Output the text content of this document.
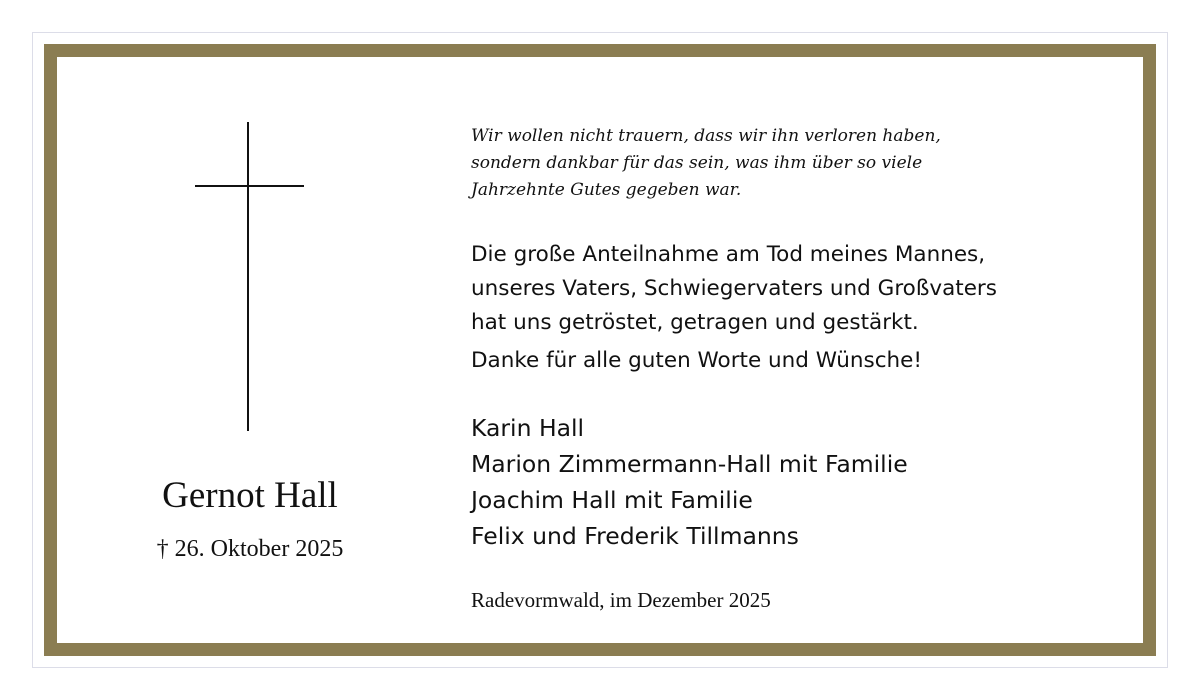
Gernot Hall
† 26. Oktober 2025
Wir wollen nicht trauern, dass wir ihn verloren haben,
sondern dankbar für das sein, was ihm über so viele
Jahrzehnte Gutes gegeben war.
Die große Anteilnahme am Tod meines Mannes,
unseres Vaters, Schwiegervaters und Großvaters
hat uns getröstet, getragen und gestärkt.
Danke für alle guten Worte und Wünsche!
Karin Hall
Marion Zimmermann-Hall mit Familie
Joachim Hall mit Familie
Felix und Frederik Tillmanns
Radevormwald, im Dezember 2025
